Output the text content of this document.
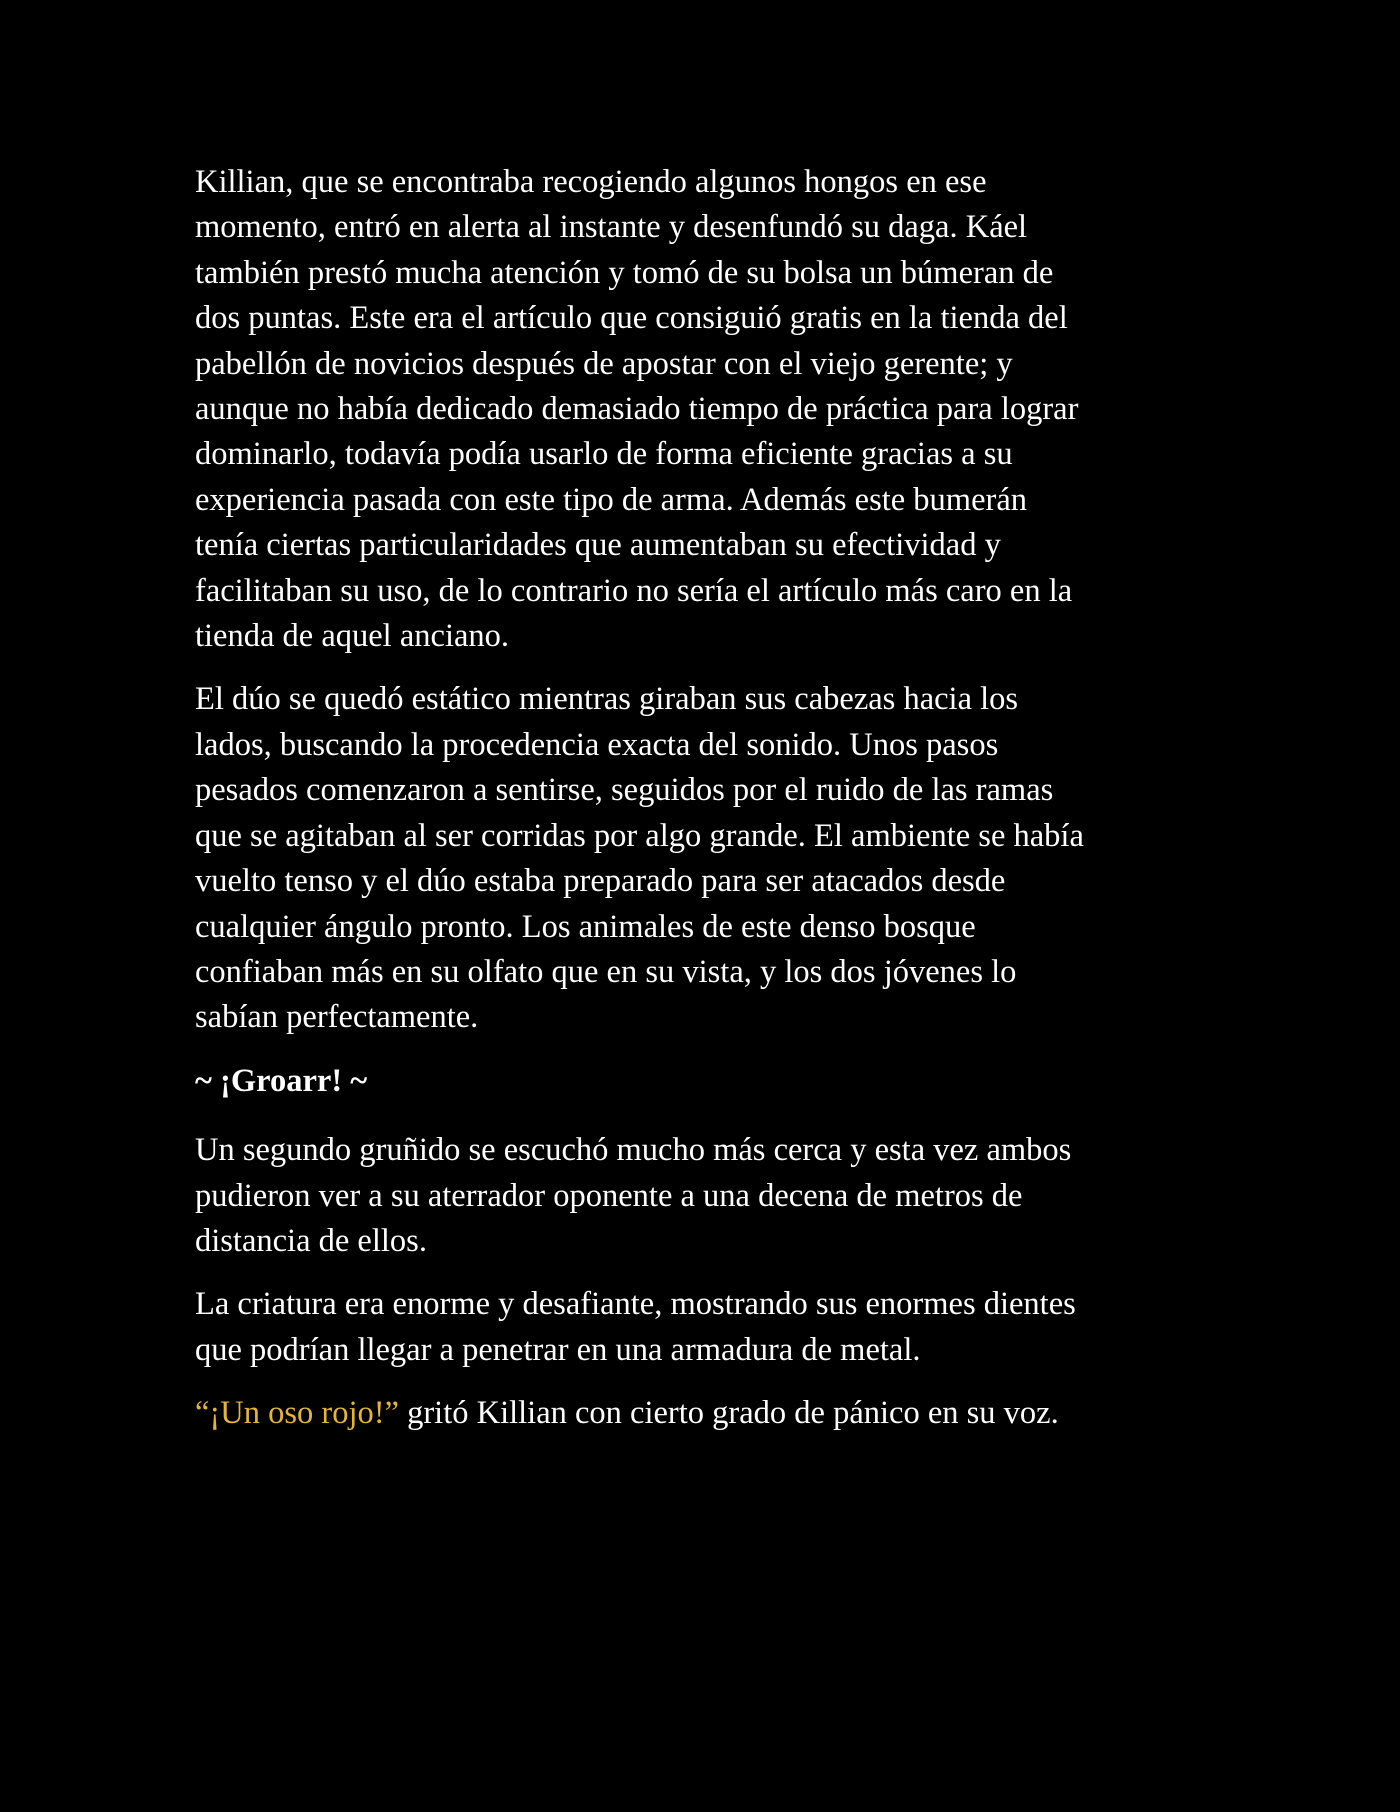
Killian, que se encontraba recogiendo algunos hongos en ese
momento, entró en alerta al instante y desenfundó su daga. Káel
también prestó mucha atención y tomó de su bolsa un búmeran de
dos puntas. Este era el artículo que consiguió gratis en la tienda del
pabellón de novicios después de apostar con el viejo gerente; y
aunque no había dedicado demasiado tiempo de práctica para lograr
dominarlo, todavía podía usarlo de forma eficiente gracias a su
experiencia pasada con este tipo de arma. Además este bumerán
tenía ciertas particularidades que aumentaban su efectividad y
facilitaban su uso, de lo contrario no sería el artículo más caro en la
tienda de aquel anciano.

El dúo se quedó estático mientras giraban sus cabezas hacia los
lados, buscando la procedencia exacta del sonido. Unos pasos
pesados comenzaron a sentirse, seguidos por el ruido de las ramas
que se agitaban al ser corridas por algo grande. El ambiente se había
vuelto tenso y el dúo estaba preparado para ser atacados desde
cualquier ángulo pronto. Los animales de este denso bosque
confiaban más en su olfato que en su vista, y los dos jóvenes lo
sabían perfectamente.

~ ¡Groarr! ~

Un segundo gruñido se escuchó mucho más cerca y esta vez ambos
pudieron ver a su aterrador oponente a una decena de metros de
distancia de ellos.

La criatura era enorme y desafiante, mostrando sus enormes dientes
que podrían llegar a penetrar en una armadura de metal.

“¡Un oso rojo!” gritó Killian con cierto grado de pánico en su voz.
